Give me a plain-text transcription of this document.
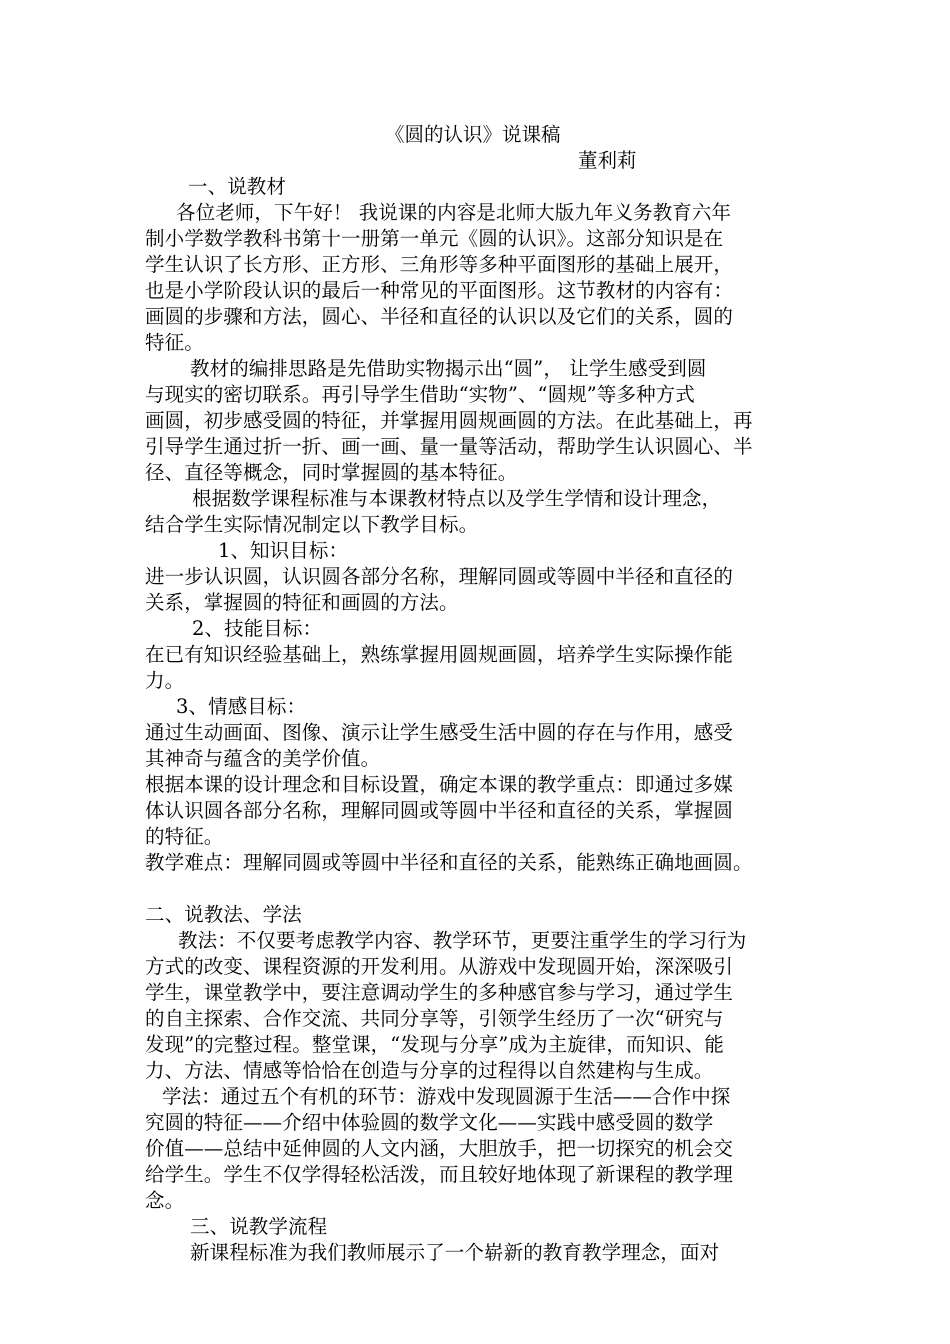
《圆的认识》说课稿
董利莉
一、说教材
各位老师，下午好！ 我说课的内容是北师大版九年义务教育六年
制小学数学教科书第十一册第一单元《圆的认识》。这部分知识是在
学生认识了长方形、正方形、三角形等多种平面图形的基础上展开，
也是小学阶段认识的最后一种常见的平面图形。这节教材的内容有：
画圆的步骤和方法，圆心、半径和直径的认识以及它们的关系，圆的
特征。
教材的编排思路是先借助实物揭示出“圆”， 让学生感受到圆
与现实的密切联系。再引导学生借助“实物”、“圆规”等多种方式
画圆，初步感受圆的特征，并掌握用圆规画圆的方法。在此基础上，再
引导学生通过折一折、画一画、量一量等活动，帮助学生认识圆心、半
径、直径等概念，同时掌握圆的基本特征。
根据数学课程标准与本课教材特点以及学生学情和设计理念，
结合学生实际情况制定以下教学目标。
1、知识目标：
进一步认识圆，认识圆各部分名称，理解同圆或等圆中半径和直径的
关系，掌握圆的特征和画圆的方法。
2、技能目标：
在已有知识经验基础上，熟练掌握用圆规画圆，培养学生实际操作能
力。
3、情感目标：
通过生动画面、图像、演示让学生感受生活中圆的存在与作用，感受
其神奇与蕴含的美学价值。
根据本课的设计理念和目标设置，确定本课的教学重点：即通过多媒
体认识圆各部分名称，理解同圆或等圆中半径和直径的关系，掌握圆
的特征。
教学难点：理解同圆或等圆中半径和直径的关系，能熟练正确地画圆。
二、说教法、学法
教法：不仅要考虑教学内容、教学环节，更要注重学生的学习行为
方式的改变、课程资源的开发利用。从游戏中发现圆开始，深深吸引
学生，课堂教学中，要注意调动学生的多种感官参与学习，通过学生
的自主探索、合作交流、共同分享等，引领学生经历了一次“研究与
发现”的完整过程。整堂课，“发现与分享”成为主旋律，而知识、能
力、方法、情感等恰恰在创造与分享的过程得以自然建构与生成。
学法：通过五个有机的环节：游戏中发现圆源于生活——合作中探
究圆的特征——介绍中体验圆的数学文化——实践中感受圆的数学
价值——总结中延伸圆的人文内涵，大胆放手，把一切探究的机会交
给学生。学生不仅学得轻松活泼，而且较好地体现了新课程的教学理
念。
三、说教学流程
新课程标准为我们教师展示了一个崭新的教育教学理念，面对
